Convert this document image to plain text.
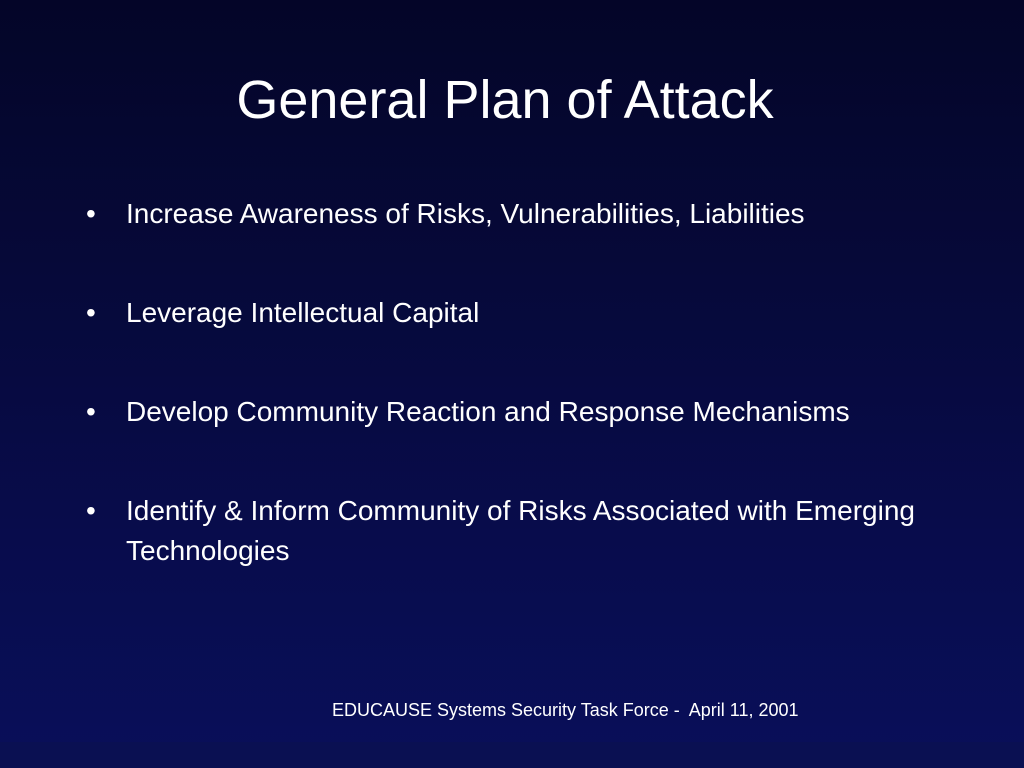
General Plan of Attack
•	Increase Awareness of Risks, Vulnerabilities, Liabilities
•	Leverage Intellectual Capital
•	Develop Community Reaction and Response Mechanisms
•	Identify & Inform Community of Risks Associated with Emerging Technologies
EDUCAUSE Systems Security Task Force -  April 11, 2001
